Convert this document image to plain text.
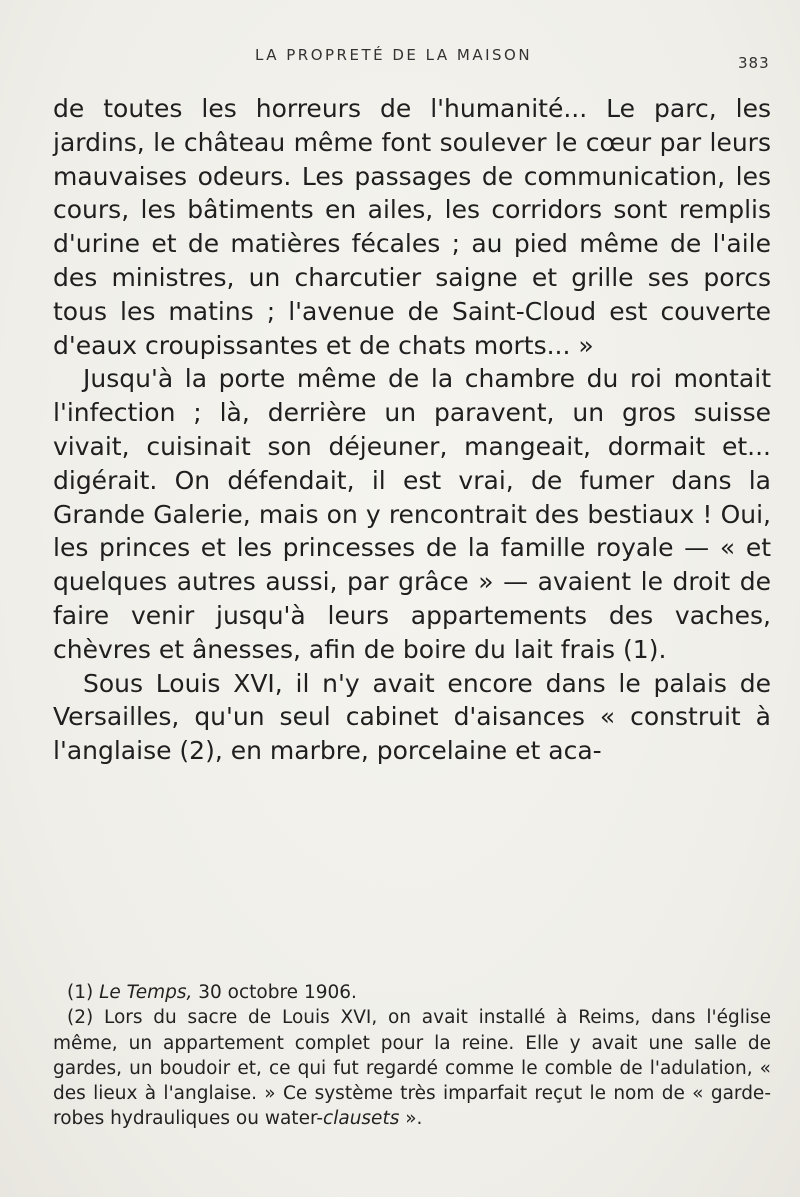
LA PROPRETÉ DE LA MAISON	383

de toutes les horreurs de l'humanité... Le parc, les jardins, le château même font soulever le cœur par leurs mauvaises odeurs. Les passages de communication, les cours, les bâtiments en ailes, les corridors sont remplis d'urine et de matières fécales ; au pied même de l'aile des ministres, un charcutier saigne et grille ses porcs tous les matins ; l'avenue de Saint-Cloud est couverte d'eaux croupissantes et de chats morts... »

Jusqu'à la porte même de la chambre du roi montait l'infection ; là, derrière un paravent, un gros suisse vivait, cuisinait son déjeuner, mangeait, dormait et... digérait. On défendait, il est vrai, de fumer dans la Grande Galerie, mais on y rencontrait des bestiaux ! Oui, les princes et les princesses de la famille royale — « et quelques autres aussi, par grâce » — avaient le droit de faire venir jusqu'à leurs appartements des vaches, chèvres et ânesses, afin de boire du lait frais (1).

Sous Louis XVI, il n'y avait encore dans le palais de Versailles, qu'un seul cabinet d'aisances « construit à l'anglaise (2), en marbre, porcelaine et aca-

(1) Le Temps, 30 octobre 1906.

(2) Lors du sacre de Louis XVI, on avait installé à Reims, dans l'église même, un appartement complet pour la reine. Elle y avait une salle de gardes, un boudoir et, ce qui fut regardé comme le comble de l'adulation, « des lieux à l'anglaise. » Ce système très imparfait reçut le nom de « garde-robes hydrauliques ou water-clausets ».
